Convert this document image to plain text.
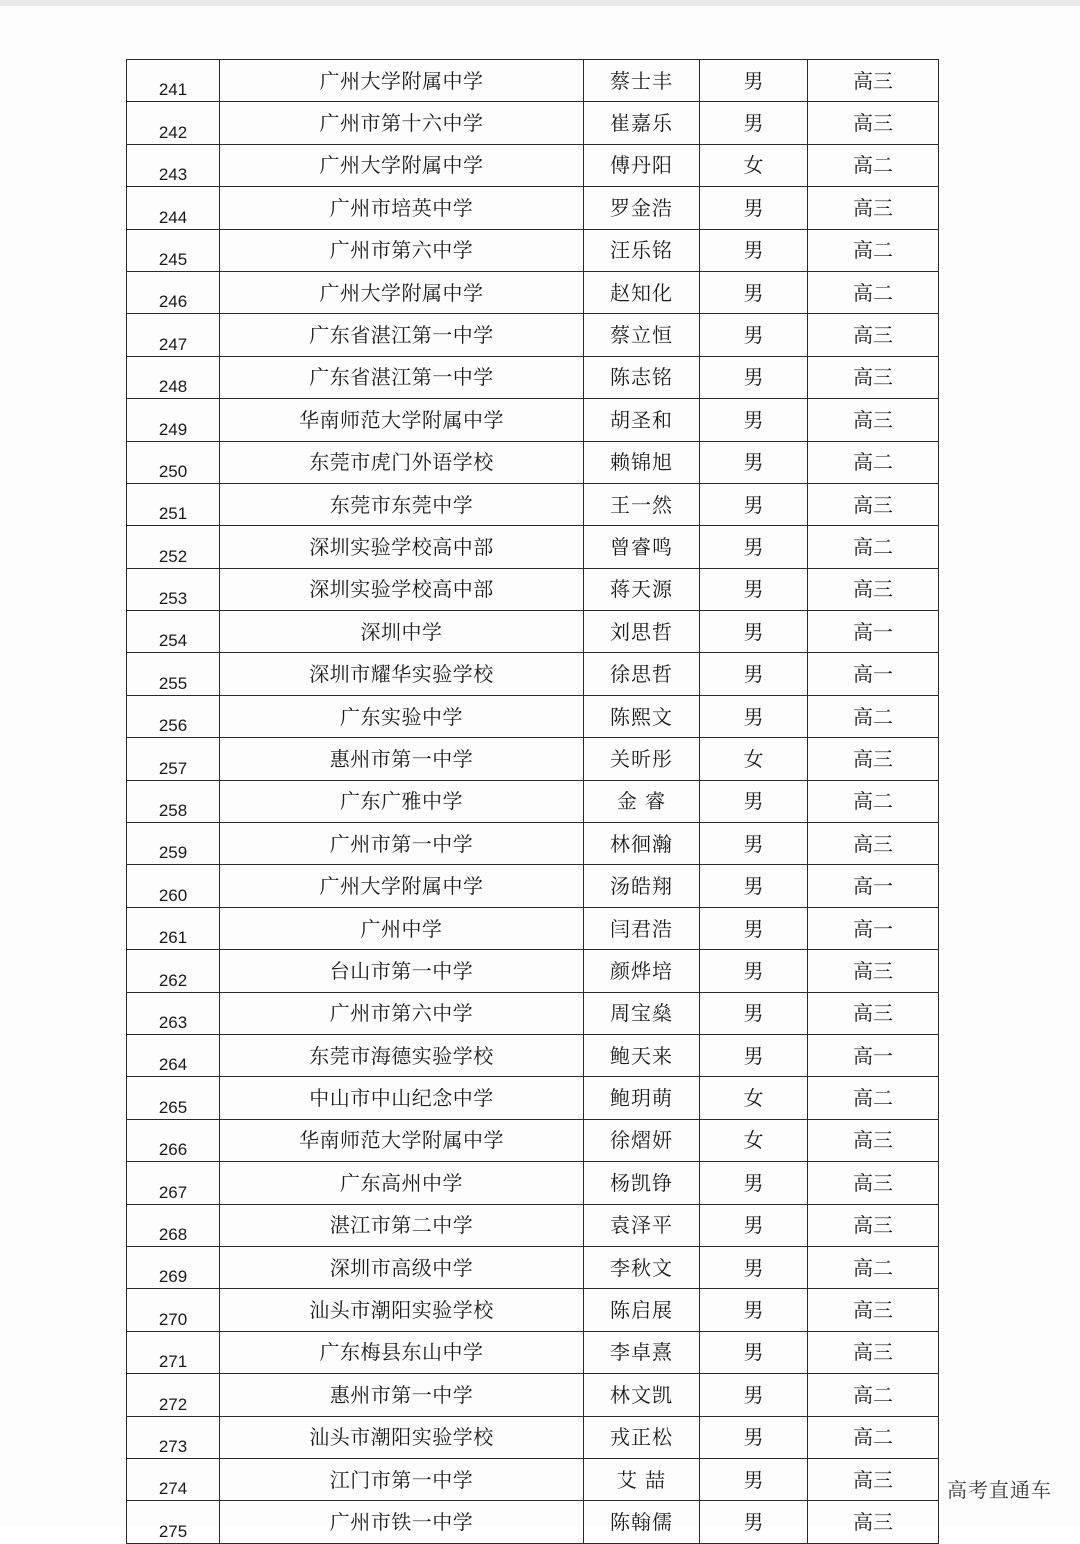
241	广州大学附属中学	蔡士丰	男	高三
242	广州市第十六中学	崔嘉乐	男	高三
243	广州大学附属中学	傅丹阳	女	高二
244	广州市培英中学	罗金浩	男	高三
245	广州市第六中学	汪乐铭	男	高二
246	广州大学附属中学	赵知化	男	高二
247	广东省湛江第一中学	蔡立恒	男	高三
248	广东省湛江第一中学	陈志铭	男	高三
249	华南师范大学附属中学	胡圣和	男	高三
250	东莞市虎门外语学校	赖锦旭	男	高二
251	东莞市东莞中学	王一然	男	高三
252	深圳实验学校高中部	曾睿鸣	男	高二
253	深圳实验学校高中部	蒋天源	男	高三
254	深圳中学	刘思哲	男	高一
255	深圳市耀华实验学校	徐思哲	男	高一
256	广东实验中学	陈熙文	男	高二
257	惠州市第一中学	关昕彤	女	高三
258	广东广雅中学	金 睿	男	高二
259	广州市第一中学	林徊瀚	男	高三
260	广州大学附属中学	汤皓翔	男	高一
261	广州中学	闫君浩	男	高一
262	台山市第一中学	颜烨培	男	高三
263	广州市第六中学	周宝燊	男	高三
264	东莞市海德实验学校	鲍天来	男	高一
265	中山市中山纪念中学	鲍玥萌	女	高二
266	华南师范大学附属中学	徐熠妍	女	高三
267	广东高州中学	杨凯铮	男	高三
268	湛江市第二中学	袁泽平	男	高三
269	深圳市高级中学	李秋文	男	高二
270	汕头市潮阳实验学校	陈启展	男	高三
271	广东梅县东山中学	李卓熹	男	高三
272	惠州市第一中学	林文凯	男	高二
273	汕头市潮阳实验学校	戎正松	男	高二
274	江门市第一中学	艾 喆	男	高三
275	广州市铁一中学	陈翰儒	男	高三
高考直通车
